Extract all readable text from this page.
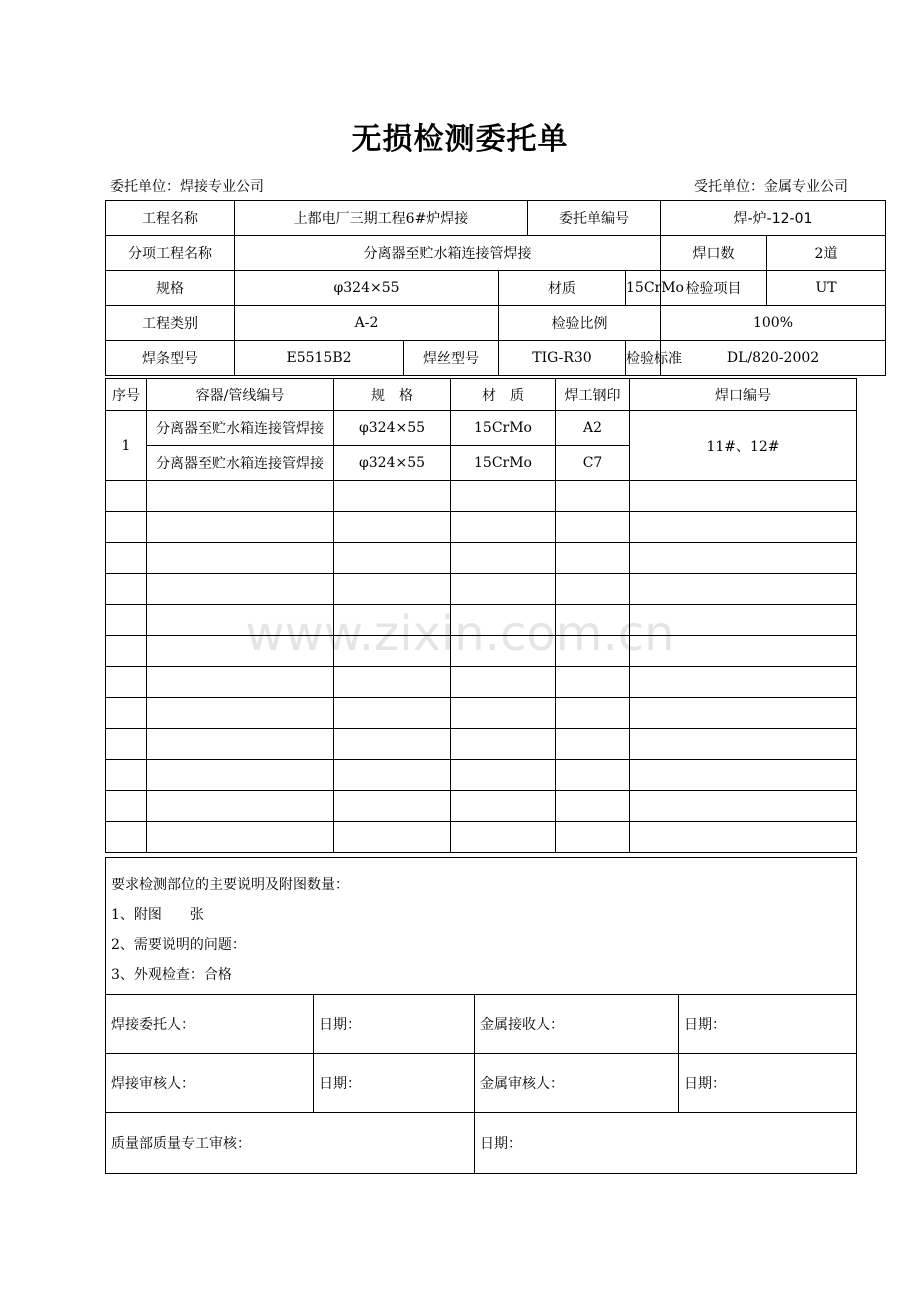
无损检测委托单
委托单位：焊接专业公司	受托单位：金属专业公司
工程名称	上都电厂三期工程6#炉焊接			委托单编号		焊-炉-12-01	
分项工程名称	分离器至贮水箱连接管焊接					焊口数	2道
规格	φ324×55		材质		15CrMo	检验项目	UT
工程类别	A-2		检验比例			100%	
焊条型号	E5515B2	焊丝型号	TIG-R30		检验标准	DL/820-2002	
序号	容器/管线编号	规　格	材　质	焊工钢印	焊口编号
1	分离器至贮水箱连接管焊接	φ324×55	15CrMo	A2	11#、12#
	分离器至贮水箱连接管焊接	φ324×55	15CrMo	C7	

要求检测部位的主要说明及附图数量：
1、附图　　张
2、需要说明的问题：
3、外观检查：合格			

焊接委托人：	日期：	金属接收人：	日期：
焊接审核人：	日期：	金属审核人：	日期：
质量部质量专工审核：		日期：	
www.zixin.com.cn
